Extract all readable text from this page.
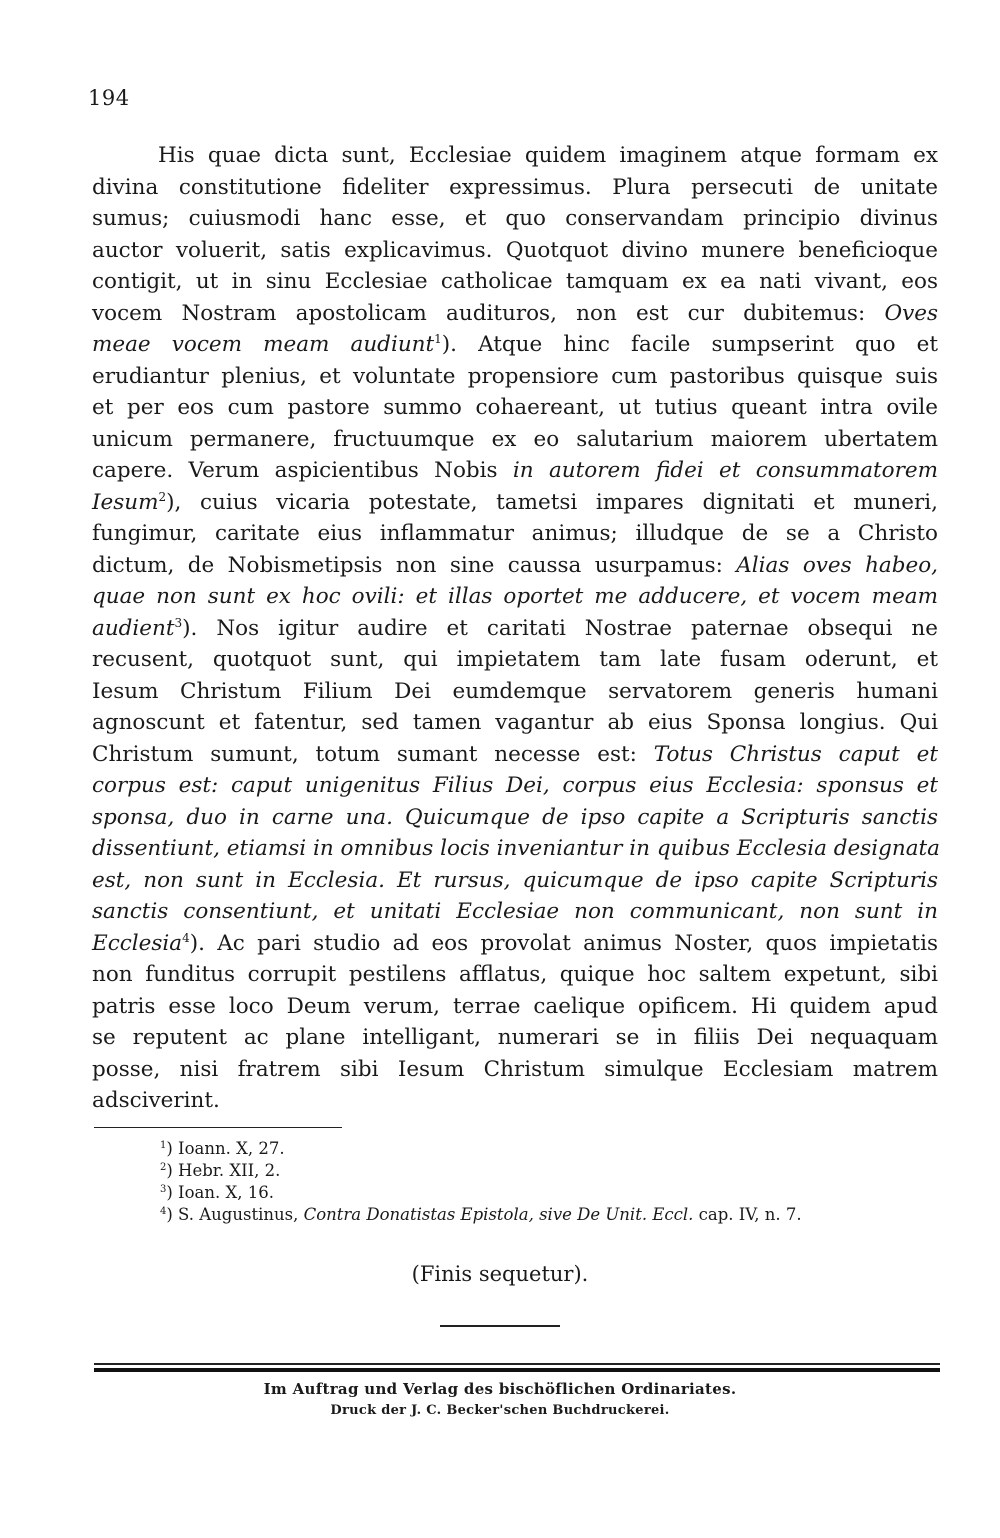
194
His quae dicta sunt, Ecclesiae quidem imaginem atque formam ex
divina constitutione fideliter expressimus. Plura persecuti de unitate
sumus; cuiusmodi hanc esse, et quo conservandam principio divinus
auctor voluerit, satis explicavimus. Quotquot divino munere beneficioque
contigit, ut in sinu Ecclesiae catholicae tamquam ex ea nati vivant, eos
vocem Nostram apostolicam audituros, non est cur dubitemus: Oves
meae vocem meam audiunt$^1$). Atque hinc facile sumpserint quo et
erudiantur plenius, et voluntate propensiore cum pastoribus quisque suis
et per eos cum pastore summo cohaereant, ut tutius queant intra ovile
unicum permanere, fructuumque ex eo salutarium maiorem ubertatem
capere. Verum aspicientibus Nobis in autorem fidei et consummatorem
Iesum$^2$), cuius vicaria potestate, tametsi impares dignitati et muneri,
fungimur, caritate eius inflammatur animus; illudque de se a Christo
dictum, de Nobismetipsis non sine caussa usurpamus: Alias oves habeo,
quae non sunt ex hoc ovili: et illas oportet me adducere, et vocem meam
audient$^3$). Nos igitur audire et caritati Nostrae paternae obsequi ne
recusent, quotquot sunt, qui impietatem tam late fusam oderunt, et
Iesum Christum Filium Dei eumdemque servatorem generis humani
agnoscunt et fatentur, sed tamen vagantur ab eius Sponsa longius. Qui
Christum sumunt, totum sumant necesse est: Totus Christus caput et
corpus est: caput unigenitus Filius Dei, corpus eius Ecclesia: sponsus et
sponsa, duo in carne una. Quicumque de ipso capite a Scripturis sanctis
dissentiunt, etiamsi in omnibus locis inveniantur in quibus Ecclesia designata
est, non sunt in Ecclesia. Et rursus, quicumque de ipso capite Scripturis
sanctis consentiunt, et unitati Ecclesiae non communicant, non sunt in
Ecclesia$^4$). Ac pari studio ad eos provolat animus Noster, quos impietatis
non funditus corrupit pestilens afflatus, quique hoc saltem expetunt, sibi
patris esse loco Deum verum, terrae caelique opificem. Hi quidem apud
se reputent ac plane intelligant, numerari se in filiis Dei nequaquam
posse, nisi fratrem sibi Iesum Christum simulque Ecclesiam matrem
adsciverint.
$^1$) Ioann. X, 27.
$^2$) Hebr. XII, 2.
$^3$) Ioan. X, 16.
$^4$) S. Augustinus, Contra Donatistas Epistola, sive De Unit. Eccl. cap. IV, n. 7.
(Finis sequetur).
Im Auftrag und Verlag des bischöflichen Ordinariates.
Druck der J. C. Becker'schen Buchdruckerei.
